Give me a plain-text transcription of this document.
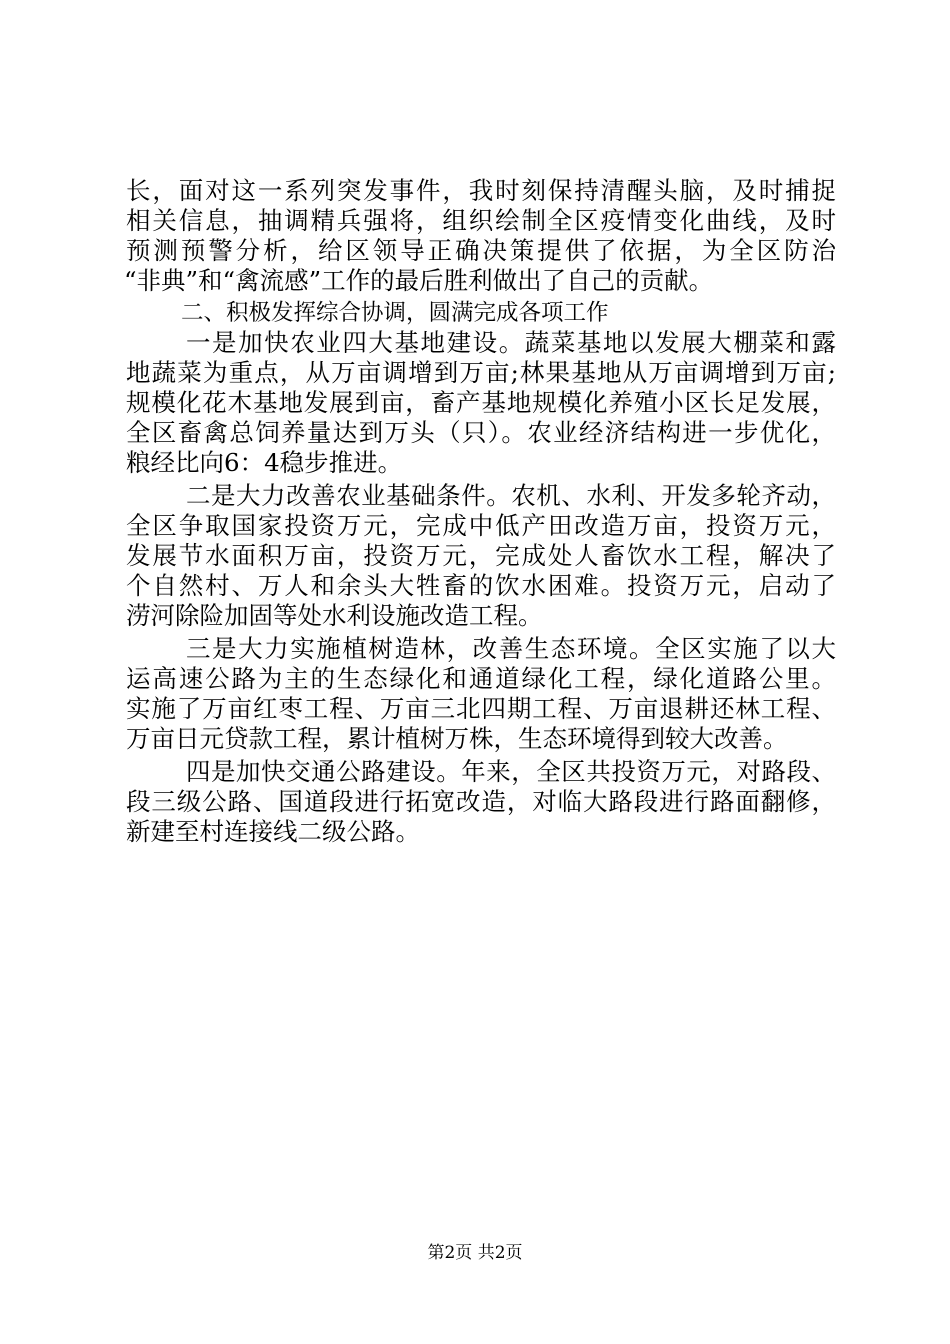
长，面对这一系列突发事件，我时刻保持清醒头脑，及时捕捉
相关信息，抽调精兵强将，组织绘制全区疫情变化曲线，及时
预测预警分析，给区领导正确决策提供了依据，为全区防治
“非典”和“禽流感”工作的最后胜利做出了自己的贡献。
二、积极发挥综合协调，圆满完成各项工作
一是加快农业四大基地建设。蔬菜基地以发展大棚菜和露
地蔬菜为重点，从万亩调增到万亩;林果基地从万亩调增到万亩;
规模化花木基地发展到亩，畜产基地规模化养殖小区长足发展，
全区畜禽总饲养量达到万头（只）。农业经济结构进一步优化，
粮经比向6：4稳步推进。
二是大力改善农业基础条件。农机、水利、开发多轮齐动，
全区争取国家投资万元，完成中低产田改造万亩，投资万元，
发展节水面积万亩，投资万元，完成处人畜饮水工程，解决了
个自然村、万人和余头大牲畜的饮水困难。投资万元，启动了
涝河除险加固等处水利设施改造工程。
三是大力实施植树造林，改善生态环境。全区实施了以大
运高速公路为主的生态绿化和通道绿化工程，绿化道路公里。
实施了万亩红枣工程、万亩三北四期工程、万亩退耕还林工程、
万亩日元贷款工程，累计植树万株，生态环境得到较大改善。
四是加快交通公路建设。年来，全区共投资万元，对路段、
段三级公路、国道段进行拓宽改造，对临大路段进行路面翻修，
新建至村连接线二级公路。
第2页 共2页
